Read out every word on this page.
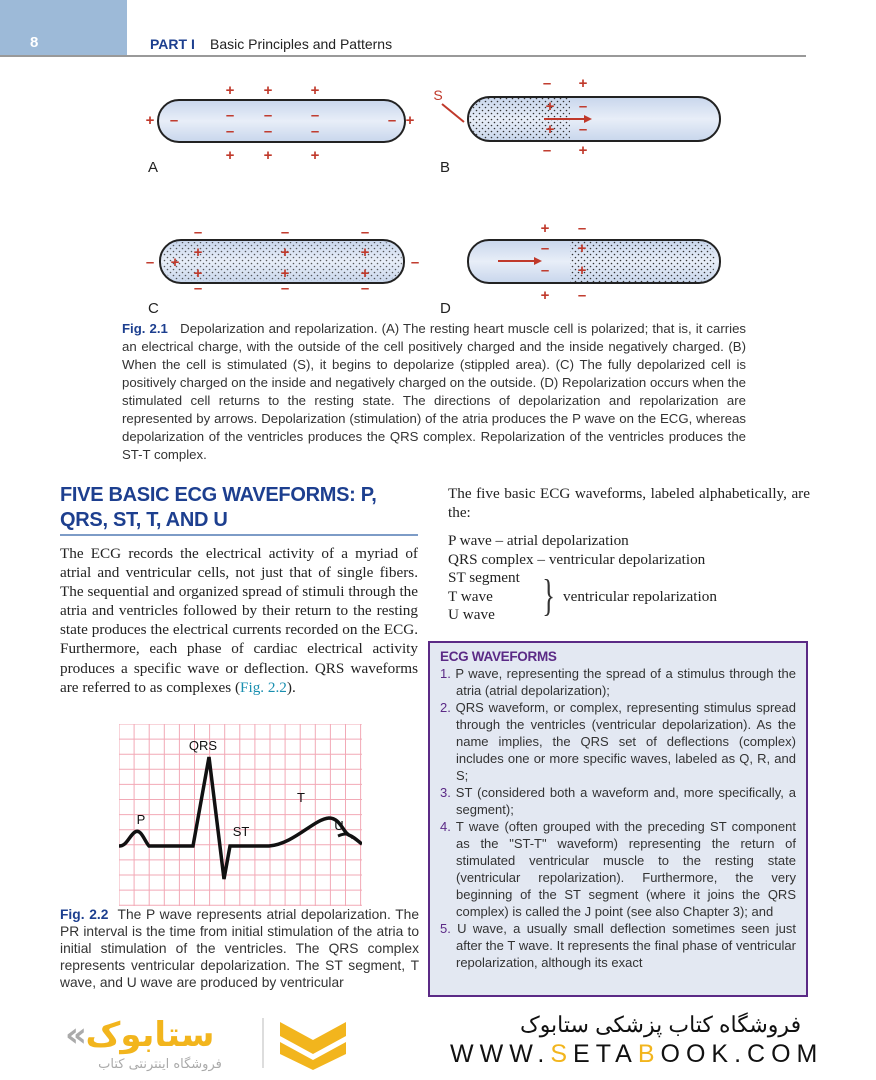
8	PART I Basic Principles and Patterns
+ +	+
+ +	+
– –	–
– –	–
+ –	– +
S
– +
– +
+ –
+ –
–	–	–
–	–	–
+	+	+
+	+	+
– +	–
+ –
+ –
– +
– +
A	B
C	D
Fig. 2.1 Depolarization and repolarization. (A) The resting heart muscle cell is polarized; that is, it carries an electrical charge, with the outside of the cell positively charged and the inside negatively charged. (B) When the cell is stimulated (S), it begins to depolarize (stippled area). (C) The fully depolarized cell is positively charged on the inside and negatively charged on the outside. (D) Repolarization occurs when the stimulated cell returns to the resting state. The directions of depolarization and repolarization are represented by arrows. Depolarization (stimulation) of the atria produces the P wave on the ECG, whereas depolarization of the ventricles produces the QRS complex. Repolarization of the ventricles produces the ST-T complex.
FIVE BASIC ECG WAVEFORMS: P, QRS, ST, T, AND U
The ECG records the electrical activity of a myriad of atrial and ventricular cells, not just that of single fibers. The sequential and organized spread of stimuli through the atria and ventricles followed by their return to the resting state produces the electrical currents recorded on the ECG. Furthermore, each phase of cardiac electrical activity produces a specific wave or deflection. QRS waveforms are referred to as complexes (Fig. 2.2).
QRS
P
ST
T
U
Fig. 2.2 The P wave represents atrial depolarization. The PR interval is the time from initial stimulation of the atria to initial stimulation of the ventricles. The QRS complex represents ventricular depolarization. The ST segment, T wave, and U wave are produced by ventricular
The five basic ECG waveforms, labeled alphabetically, are the:
P wave – atrial depolarization
QRS complex – ventricular depolarization
ST segment
T wave
U wave	} ventricular repolarization
ECG WAVEFORMS
1. P wave, representing the spread of a stimulus through the atria (atrial depolarization);
2. QRS waveform, or complex, representing stimulus spread through the ventricles (ventricular depolarization). As the name implies, the QRS set of deflections (complex) includes one or more specific waves, labeled as Q, R, and S;
3. ST (considered both a waveform and, more specifically, a segment);
4. T wave (often grouped with the preceding ST component as the "ST-T" waveform) representing the return of stimulated ventricular muscle to the resting state (ventricular repolarization). Furthermore, the very beginning of the ST segment (where it joins the QRS complex) is called the J point (see also Chapter 3); and
5. U wave, a usually small deflection sometimes seen just after the T wave. It represents the final phase of ventricular repolarization, although its exact
ستابوک
«
فروشگاه اینترنتی کتاب
فروشگاه کتاب پزشکی ستابوک
WWW.SETABOOK.COM
